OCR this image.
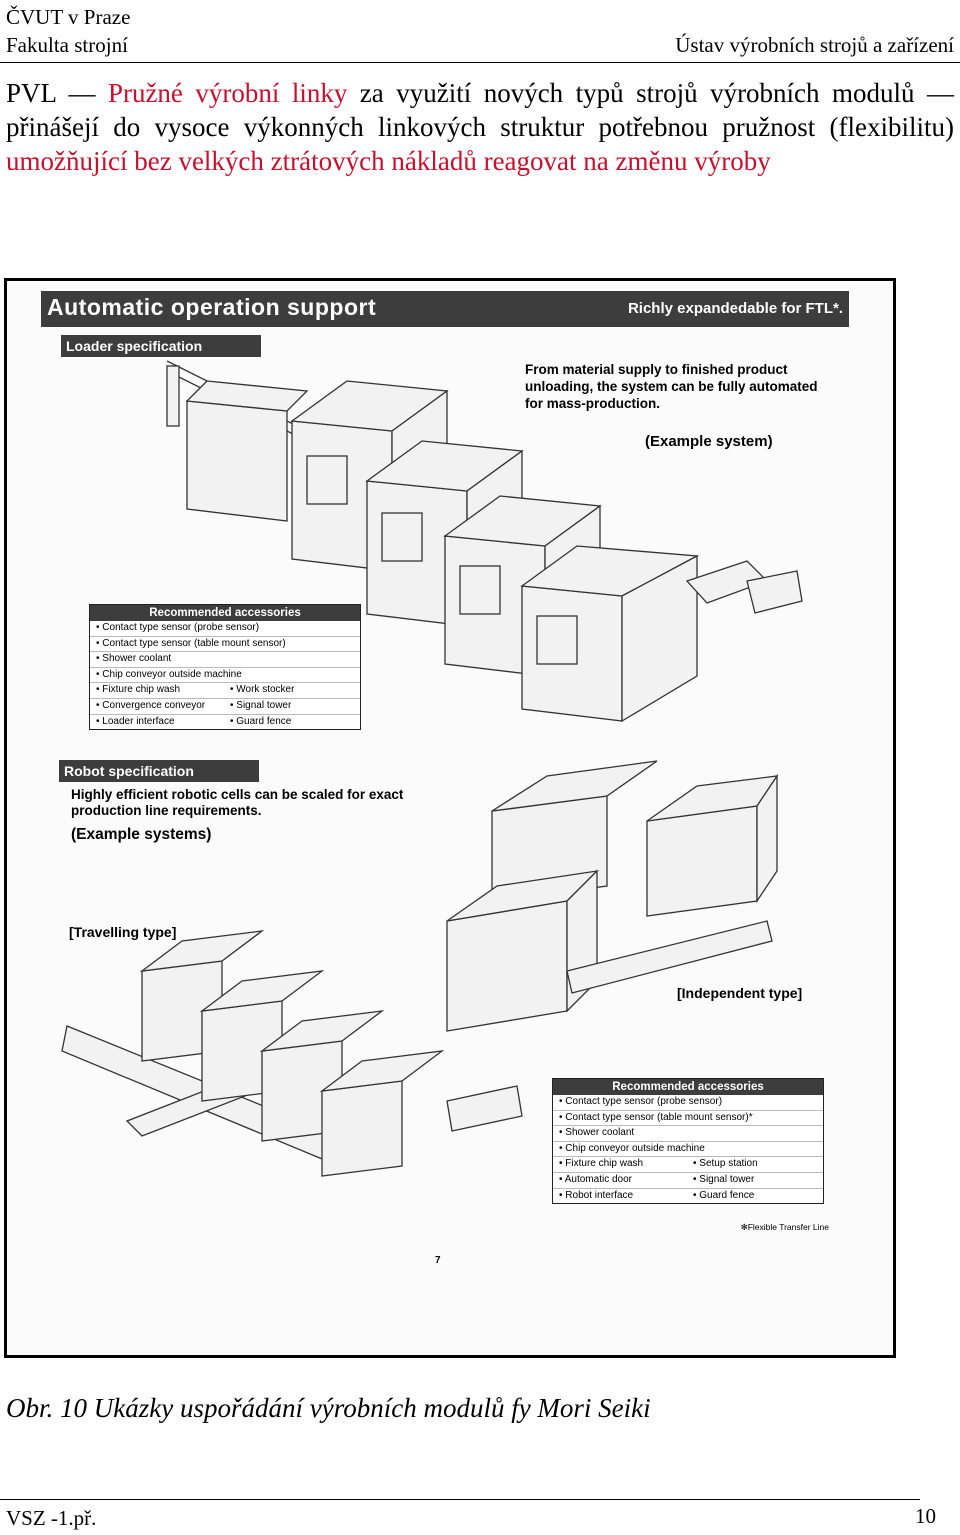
ČVUT v Praze
Fakulta strojní	Ústav výrobních strojů a zařízení
PVL — Pružné výrobní linky za využití nových typů strojů výrobních modulů — přinášejí do vysoce výkonných linkových struktur potřebnou pružnost (flexibilitu) umožňující bez velkých ztrátových nákladů reagovat na změnu výroby
Automatic operation support	Richly expandedable for FTL*.
Loader specification
From material supply to finished product unloading, the system can be fully automated for mass-production.
(Example system)
Recommended accessories
• Contact type sensor (probe sensor)
• Contact type sensor (table mount sensor)
• Shower coolant
• Chip conveyor outside machine
• Fixture chip wash	• Work stocker
• Convergence conveyor • Signal tower
• Loader interface	• Guard fence
Robot specification
Highly efficient robotic cells can be scaled for exact production line requirements.
(Example systems)
[Travelling type]
[Independent type]
Recommended accessories
• Contact type sensor (probe sensor)
• Contact type sensor (table mount sensor)*
• Shower coolant
• Chip conveyor outside machine
• Fixture chip wash	• Setup station
• Automatic door	• Signal tower
• Robot interface	• Guard fence
✻Flexible Transfer Line
7
Obr. 10 Ukázky uspořádání výrobních modulů fy Mori Seiki
VSZ -1.př.	10
